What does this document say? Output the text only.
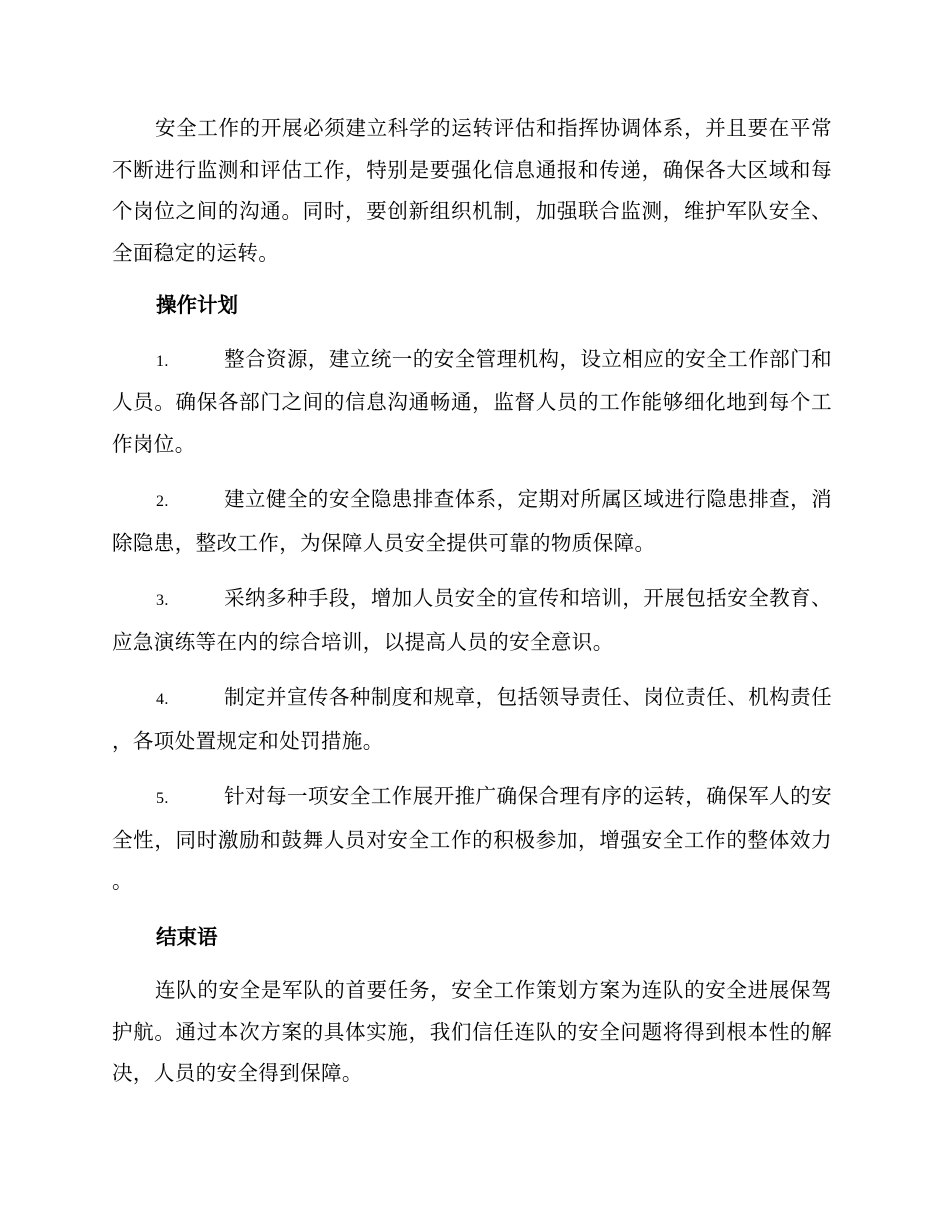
安全工作的开展必须建立科学的运转评估和指挥协调体系，并且要在平常不断进行监测和评估工作，特别是要强化信息通报和传递，确保各大区域和每个岗位之间的沟通。同时，要创新组织机制，加强联合监测，维护军队安全、全面稳定的运转。

操作计划

1.	整合资源，建立统一的安全管理机构，设立相应的安全工作部门和人员。确保各部门之间的信息沟通畅通，监督人员的工作能够细化地到每个工作岗位。

2.	建立健全的安全隐患排查体系，定期对所属区域进行隐患排查，消除隐患，整改工作，为保障人员安全提供可靠的物质保障。

3.	采纳多种手段，增加人员安全的宣传和培训，开展包括安全教育、应急演练等在内的综合培训，以提高人员的安全意识。

4.	制定并宣传各种制度和规章，包括领导责任、岗位责任、机构责任，各项处置规定和处罚措施。

5.	针对每一项安全工作展开推广确保合理有序的运转，确保军人的安全性，同时激励和鼓舞人员对安全工作的积极参加，增强安全工作的整体效力。

结束语

连队的安全是军队的首要任务，安全工作策划方案为连队的安全进展保驾护航。通过本次方案的具体实施，我们信任连队的安全问题将得到根本性的解决，人员的安全得到保障。
